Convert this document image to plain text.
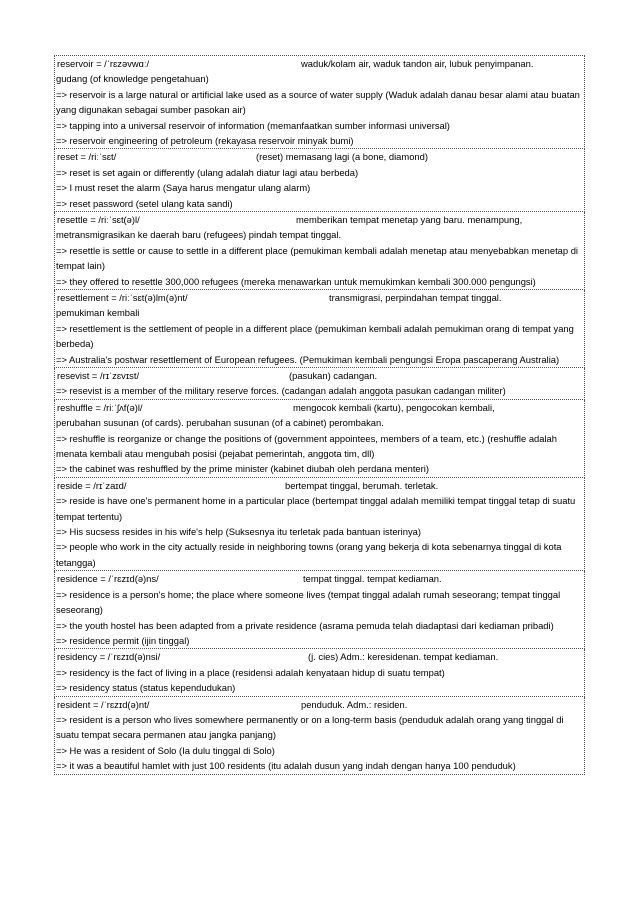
reservoir = /ˈrɛzəvwɑː/	waduk/kolam air, waduk tandon air, lubuk penyimpanan.
gudang (of knowledge pengetahuan)
=> reservoir is a large natural or artificial lake used as a source of water supply (Waduk adalah danau besar alami atau buatan yang digunakan sebagai sumber pasokan air)
=> tapping into a universal reservoir of information (memanfaatkan sumber informasi universal)
=> reservoir engineering of petroleum (rekayasa reservoir minyak bumi)
reset = /riːˈsɛt/	(reset) memasang lagi (a bone, diamond)
=> reset is set again or differently (ulang adalah diatur lagi atau berbeda)
=> I must reset the alarm (Saya harus mengatur ulang alarm)
=> reset password (setel ulang kata sandi)
resettle = /riːˈsɛt(ə)l/	memberikan tempat menetap yang baru. menampung,
metransmigrasikan ke daerah baru (refugees) pindah tempat tinggal.
=> resettle is settle or cause to settle in a different place (pemukiman kembali adalah menetap atau menyebabkan menetap di tempat lain)
=> they offered to resettle 300,000 refugees (mereka menawarkan untuk memukimkan kembali 300.000 pengungsi)
resettlement = /riːˈsɛt(ə)lm(ə)nt/	transmigrasi, perpindahan tempat tinggal.
pemukiman kembali
=> resettlement is the settlement of people in a different place (pemukiman kembali adalah pemukiman orang di tempat yang berbeda)
=> Australia's postwar resettlement of European refugees. (Pemukiman kembali pengungsi Eropa pascaperang Australia)
resevist = /rɪˈzɛvɪst/	(pasukan) cadangan.
=> resevist is a member of the military reserve forces. (cadangan adalah anggota pasukan cadangan militer)
reshuffle = /riːˈʃʌf(ə)l/	mengocok kembali (kartu), pengocokan kembali,
perubahan susunan (of cards). perubahan susunan (of a cabinet) perombakan.
=> reshuffle is reorganize or change the positions of (government appointees, members of a team, etc.) (reshuffle adalah menata kembali atau mengubah posisi (pejabat pemerintah, anggota tim, dll)
=> the cabinet was reshuffled by the prime minister (kabinet diubah oleh perdana menteri)
reside = /rɪˈzaɪd/	bertempat tinggal, berumah. terletak.
=> reside is have one's permanent home in a particular place (bertempat tinggal adalah memiliki tempat tinggal tetap di suatu tempat tertentu)
=> His sucsess resides in his wife's help (Suksesnya itu terletak pada bantuan isterinya)
=> people who work in the city actually reside in neighboring towns (orang yang bekerja di kota sebenarnya tinggal di kota tetangga)
residence = /ˈrɛzɪd(ə)ns/	tempat tinggal. tempat kediaman.
=> residence is a person's home; the place where someone lives (tempat tinggal adalah rumah seseorang; tempat tinggal seseorang)
=> the youth hostel has been adapted from a private residence (asrama pemuda telah diadaptasi dari kediaman pribadi)
=> residence permit (ijin tinggal)
residency = /ˈrɛzɪd(ə)nsi/	(j. cies) Adm.: keresidenan. tempat kediaman.
=> residency is the fact of living in a place (residensi adalah kenyataan hidup di suatu tempat)
=> residency status (status kependudukan)
resident = /ˈrɛzɪd(ə)nt/	penduduk. Adm.: residen.
=> resident is a person who lives somewhere permanently or on a long-term basis (penduduk adalah orang yang tinggal di suatu tempat secara permanen atau jangka panjang)
=> He was a resident of Solo (Ia dulu tinggal di Solo)
=> it was a beautiful hamlet with just 100 residents (itu adalah dusun yang indah dengan hanya 100 penduduk)
